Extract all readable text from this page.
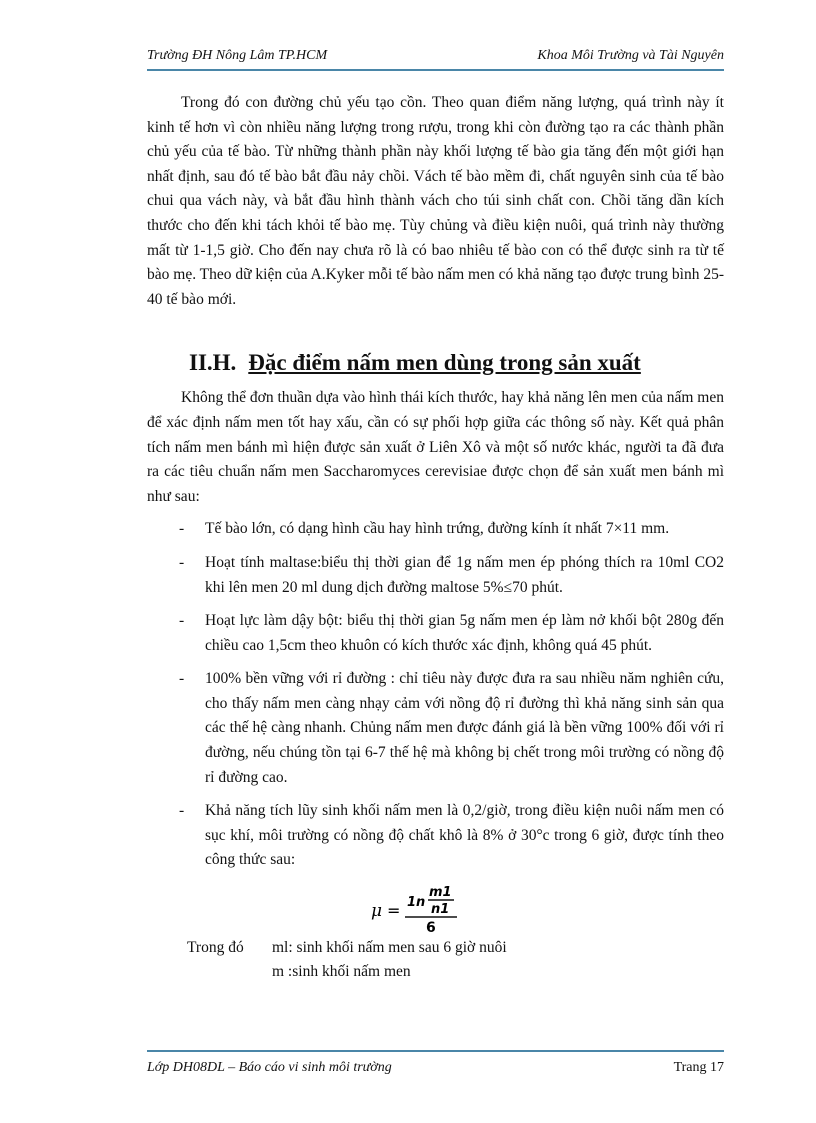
Trường ĐH Nông Lâm TP.HCM	Khoa Môi Trường và Tài Nguyên

Trong đó con đường chủ yếu tạo cồn. Theo quan điểm năng lượng, quá trình này ít kinh tế hơn vì còn nhiều năng lượng trong rượu, trong khi còn đường tạo ra các thành phần chủ yếu của tế bào. Từ những thành phần này khối lượng tế bào gia tăng đến một giới hạn nhất định, sau đó tế bào bắt đầu nảy chồi. Vách tế bào mềm đi, chất nguyên sinh của tế bào chui qua vách này, và bắt đầu hình thành vách cho túi sinh chất con. Chồi tăng dần kích thước cho đến khi tách khỏi tế bào mẹ. Tùy chủng và điều kiện nuôi, quá trình này thường mất từ 1-1,5 giờ. Cho đến nay chưa rõ là có bao nhiêu tế bào con có thể được sinh ra từ tế bào mẹ. Theo dữ kiện của A.Kyker mỗi tế bào nấm men có khả năng tạo được trung bình 25-40 tế bào mới.

II.H. Đặc điểm nấm men dùng trong sản xuất

Không thể đơn thuần dựa vào hình thái kích thước, hay khả năng lên men của nấm men để xác định nấm men tốt hay xấu, cần có sự phối hợp giữa các thông số này. Kết quả phân tích nấm men bánh mì hiện được sản xuất ở Liên Xô và một số nước khác, người ta đã đưa ra các tiêu chuẩn nấm men Saccharomyces cerevisiae được chọn để sản xuất men bánh mì như sau:

- Tế bào lớn, có dạng hình cầu hay hình trứng, đường kính ít nhất 7×11 mm.
- Hoạt tính maltase:biểu thị thời gian để 1g nấm men ép phóng thích ra 10ml CO2 khi lên men 20 ml dung dịch đường maltose 5%≤70 phút.
- Hoạt lực làm dậy bột: biểu thị thời gian 5g nấm men ép làm nở khối bột 280g đến chiều cao 1,5cm theo khuôn có kích thước xác định, không quá 45 phút.
- 100% bền vững với rỉ đường : chỉ tiêu này được đưa ra sau nhiều năm nghiên cứu, cho thấy nấm men càng nhạy cảm với nồng độ rỉ đường thì khả năng sinh sản qua các thế hệ càng nhanh. Chủng nấm men được đánh giá là bền vững 100% đối với rỉ đường, nếu chúng tồn tại 6-7 thế hệ mà không bị chết trong môi trường có nồng độ rỉ đường cao.
- Khả năng tích lũy sinh khối nấm men là 0,2/giờ, trong điều kiện nuôi nấm men có sục khí, môi trường có nồng độ chất khô là 8% ở 30°c trong 6 giờ, được tính theo công thức sau:
μ = 1n
m1
n1
6
Trong đó ml: sinh khối nấm men sau 6 giờ nuôi
m :sinh khối nấm men
Lớp DH08DL – Báo cáo vi sinh môi trường	Trang 17
